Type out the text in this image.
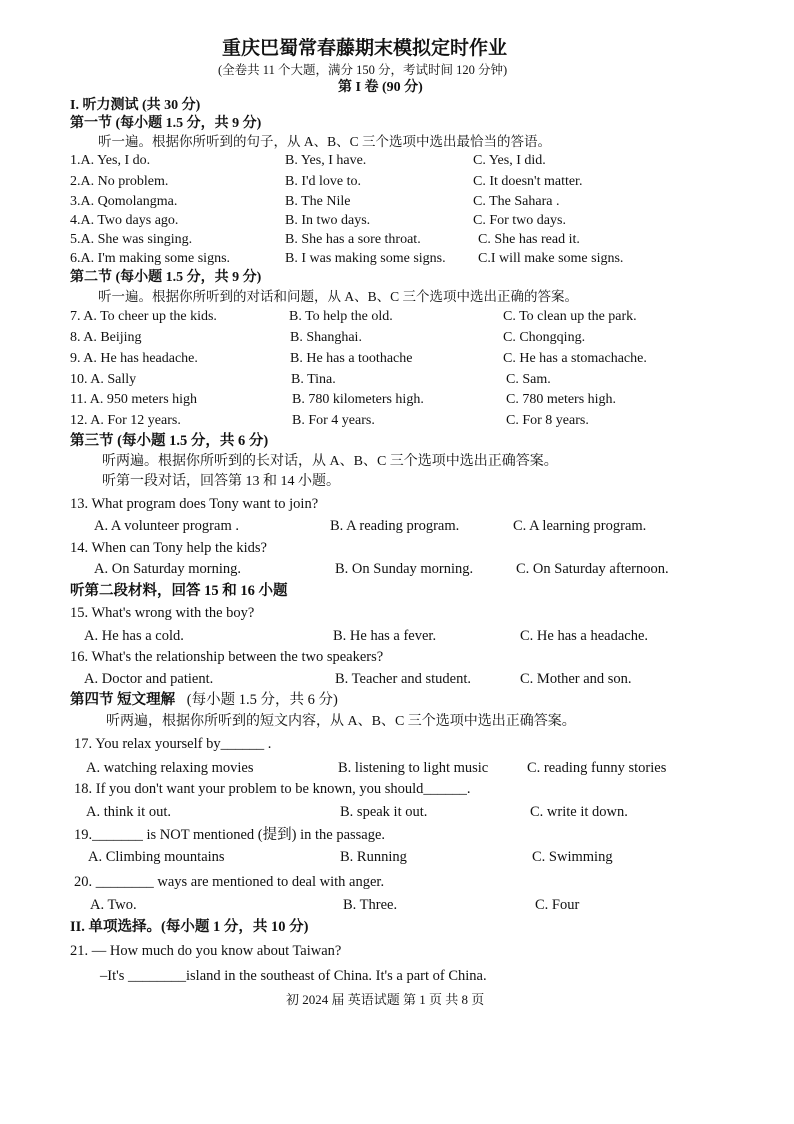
重庆巴蜀常春藤期末模拟定时作业
(全卷共 11 个大题，满分 150 分，考试时间 120 分钟)
第 I 卷 (90 分)
I. 听力测试 (共 30 分)
第一节 (每小题 1.5 分，共 9 分)
听一遍。根据你所听到的句子，从 A、B、C 三个选项中选出最恰当的答语。
1.A. Yes, I do.	B. Yes, I have.	C. Yes, I did.
2.A. No problem.	B. I'd love to.	C. It doesn't matter.
3.A. Qomolangma.	B. The Nile	C. The Sahara .
4.A. Two days ago.	B. In two days.	C. For two days.
5.A. She was singing.	B. She has a sore throat.	C. She has read it.
6.A. I'm making some signs.	B. I was making some signs. C.I will make some signs.
第二节 (每小题 1.5 分，共 9 分)
听一遍。根据你所听到的对话和问题，从 A、B、C 三个选项中选出正确的答案。
7. A. To cheer up the kids.	B. To help the old.	C. To clean up the park.
8. A. Beijing	B. Shanghai.	C. Chongqing.
9. A. He has headache.	B. He has a toothache	C. He has a stomachache.
10. A. Sally	B. Tina.	C. Sam.
11. A. 950 meters high	B. 780 kilometers high.	C. 780 meters high.
12. A. For 12 years.	B. For 4 years.	C. For 8 years.
第三节 (每小题 1.5 分，共 6 分)
听两遍。根据你所听到的长对话，从 A、B、C 三个选项中选出正确答案。
听第一段对话，回答第 13 和 14 小题。
13. What program does Tony want to join?
A. A volunteer program .	B. A reading program.	C. A learning program.
14. When can Tony help the kids?
A. On Saturday morning.	B. On Sunday morning.	C. On Saturday afternoon.
听第二段材料，回答 15 和 16 小题
15. What's wrong with the boy?
A. He has a cold.	B. He has a fever.	C. He has a headache.
16. What's the relationship between the two speakers?
A. Doctor and patient.	B. Teacher and student.	C. Mother and son.
第四节 短文理解 (每小题 1.5 分，共 6 分)
听两遍，根据你所听到的短文内容，从 A、B、C 三个选项中选出正确答案。
17. You relax yourself by______ .
A. watching relaxing movies	B. listening to light music	C. reading funny stories
18. If you don't want your problem to be known, you should______.
A. think it out.	B. speak it out.	C. write it down.
19._______ is NOT mentioned (提到) in the passage.
A. Climbing mountains	B. Running	C. Swimming
20. ________ ways are mentioned to deal with anger.
A. Two.	B. Three.	C. Four
II. 单项选择。(每小题 1 分，共 10 分)
21. — How much do you know about Taiwan?
–It's ________island in the southeast of China. It's a part of China.
初 2024 届 英语试题 第 1 页 共 8 页
